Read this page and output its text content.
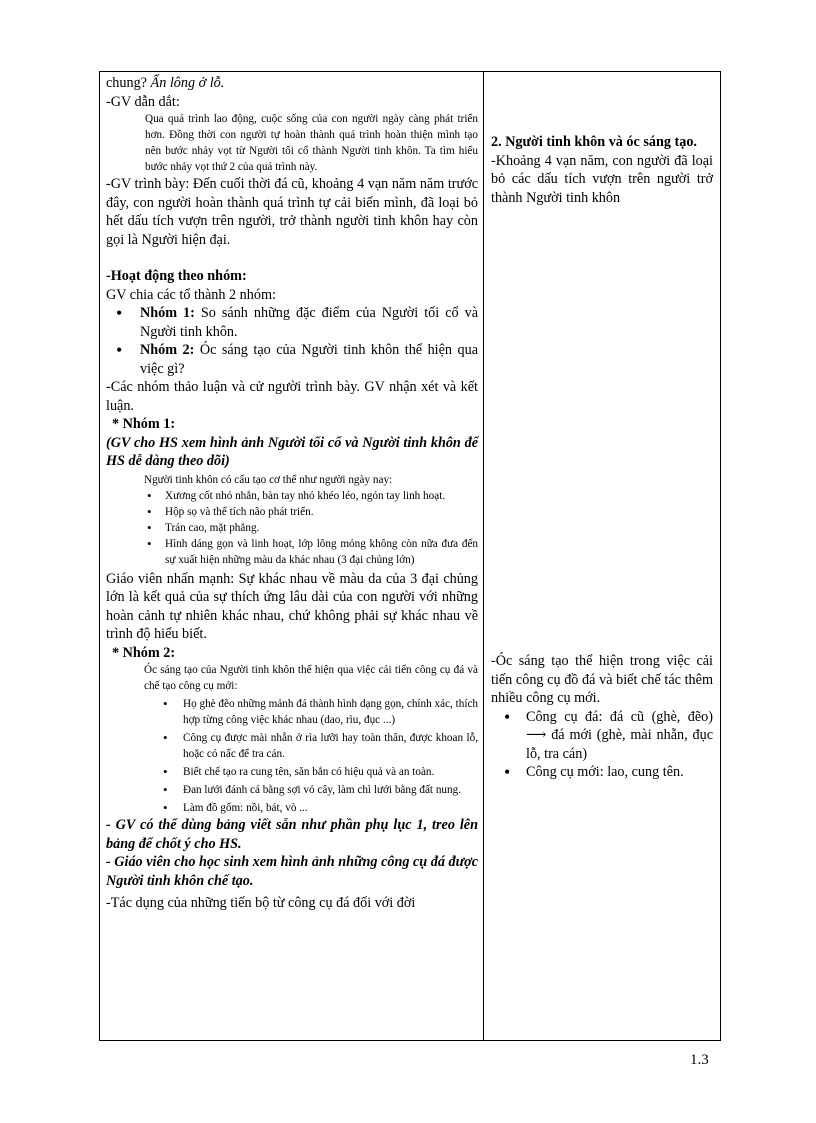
chung? Ẩn lông ở lỗ.

-GV dẫn dắt:

Qua quá trình lao động, cuộc sống của con người ngày càng phát triển hơn. Đồng thời con người tự hoàn thành quá trình hoàn thiện mình tạo nên bước nhảy vọt từ Người tối cổ thành Người tinh khôn. Ta tìm hiểu bước nhảy vọt thứ 2 của quá trình này.

-GV trình bày: Đến cuối thời đá cũ, khoảng 4 vạn năm năm trước đây, con người hoàn thành quá trình tự cải biến mình, đã loại bỏ hết dấu tích vượn trên người, trở thành người tinh khôn hay còn gọi là Người hiện đại.

-Hoạt động theo nhóm:

GV chia các tổ thành 2 nhóm:

• Nhóm 1: So sánh những đặc điểm của Người tối cổ và Người tinh khôn.

• Nhóm 2: Óc sáng tạo của Người tinh khôn thể hiện qua việc gì?

-Các nhóm thảo luận và cử người trình bày. GV nhận xét và kết luận.

* Nhóm 1:

(GV cho HS xem hình ảnh Người tối cổ và Người tinh khôn để HS dễ dàng theo dõi)

Người tinh khôn có cấu tạo cơ thể như người ngày nay:

• Xương cốt nhỏ nhắn, bàn tay nhỏ khéo léo, ngón tay linh hoạt.

• Hộp sọ và thể tích não phát triển.

• Trán cao, mặt phẳng.

• Hình dáng gọn và linh hoạt, lớp lông mỏng không còn nữa đưa đến sự xuất hiện những màu da khác nhau (3 đại chủng lớn)

Giáo viên nhấn mạnh: Sự khác nhau về màu da của 3 đại chủng lớn là kết quả của sự thích ứng lâu dài của con người với những hoàn cảnh tự nhiên khác nhau, chứ không phải sự khác nhau về trình độ hiểu biết.

* Nhóm 2:

Óc sáng tạo của Người tinh khôn thể hiện qua việc cải tiến công cụ đá và chế tạo công cụ mới:

• Họ ghè đẽo những mảnh đá thành hình dạng gọn, chính xác, thích hợp từng công việc khác nhau (dao, rìu, đục ...)

• Công cụ được mài nhẵn ở rìa lưỡi hay toàn thân, được khoan lỗ, hoặc có nấc để tra cán.

• Biết chế tạo ra cung tên, săn bắn có hiệu quả và an toàn.

• Đan lưới đánh cá bằng sợi vỏ cây, làm chì lưới bằng đất nung.

• Làm đồ gốm: nồi, bát, vò ...

- GV có thể dùng bảng viết sẵn như phần phụ lục 1, treo lên bảng để chốt ý cho HS.

- Giáo viên cho học sinh xem hình ảnh những công cụ đá được Người tinh khôn chế tạo.

-Tác dụng của những tiến bộ từ công cụ đá đối với đời

2. Người tinh khôn và óc sáng tạo.

-Khoảng 4 vạn năm, con người đã loại bỏ các dấu tích vượn trên người trở thành Người tinh khôn

-Óc sáng tạo thể hiện trong việc cải tiến công cụ đồ đá và biết chế tác thêm nhiều công cụ mới.

• Công cụ đá: đá cũ (ghè, đẽo) ⟶ đá mới (ghè, mài nhẵn, đục lỗ, tra cán)

• Công cụ mới: lao, cung tên.

1.3
